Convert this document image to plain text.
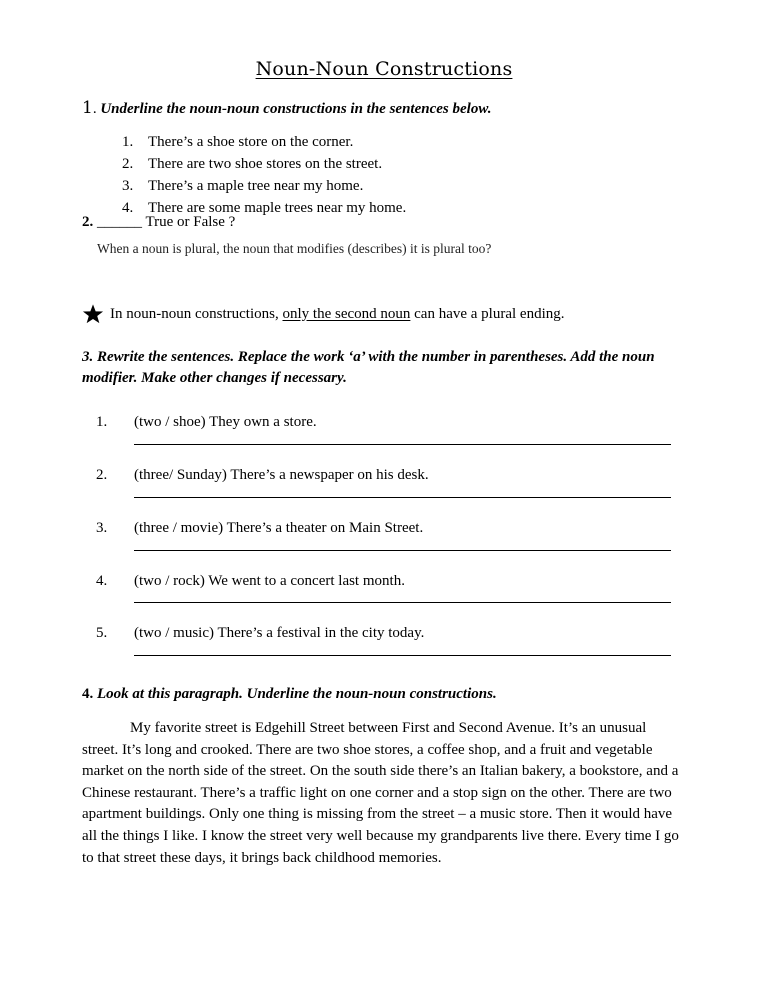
Noun-Noun Constructions
1. Underline the noun-noun constructions in the sentences below.
1. There’s a shoe store on the corner.
2. There are two shoe stores on the street.
3. There’s a maple tree near my home.
4. There are some maple trees near my home.
2. ______ True or False ?
When a noun is plural, the noun that modifies (describes) it is plural too?
In noun-noun constructions, only the second noun can have a plural ending.
3. Rewrite the sentences. Replace the work ‘a’ with the number in parentheses. Add the noun modifier. Make other changes if necessary.
1. (two / shoe) They own a store.
2. (three/ Sunday) There’s a newspaper on his desk.
3. (three / movie) There’s a theater on Main Street.
4. (two / rock) We went to a concert last month.
5. (two / music) There’s a festival in the city today.
4. Look at this paragraph. Underline the noun-noun constructions.

My favorite street is Edgehill Street between First and Second Avenue. It’s an unusual street. It’s long and crooked. There are two shoe stores, a coffee shop, and a fruit and vegetable market on the north side of the street. On the south side there’s an Italian bakery, a bookstore, and a Chinese restaurant. There’s a traffic light on one corner and a stop sign on the other. There are two apartment buildings. Only one thing is missing from the street – a music store. Then it would have all the things I like. I know the street very well because my grandparents live there. Every time I go to that street these days, it brings back childhood memories.
